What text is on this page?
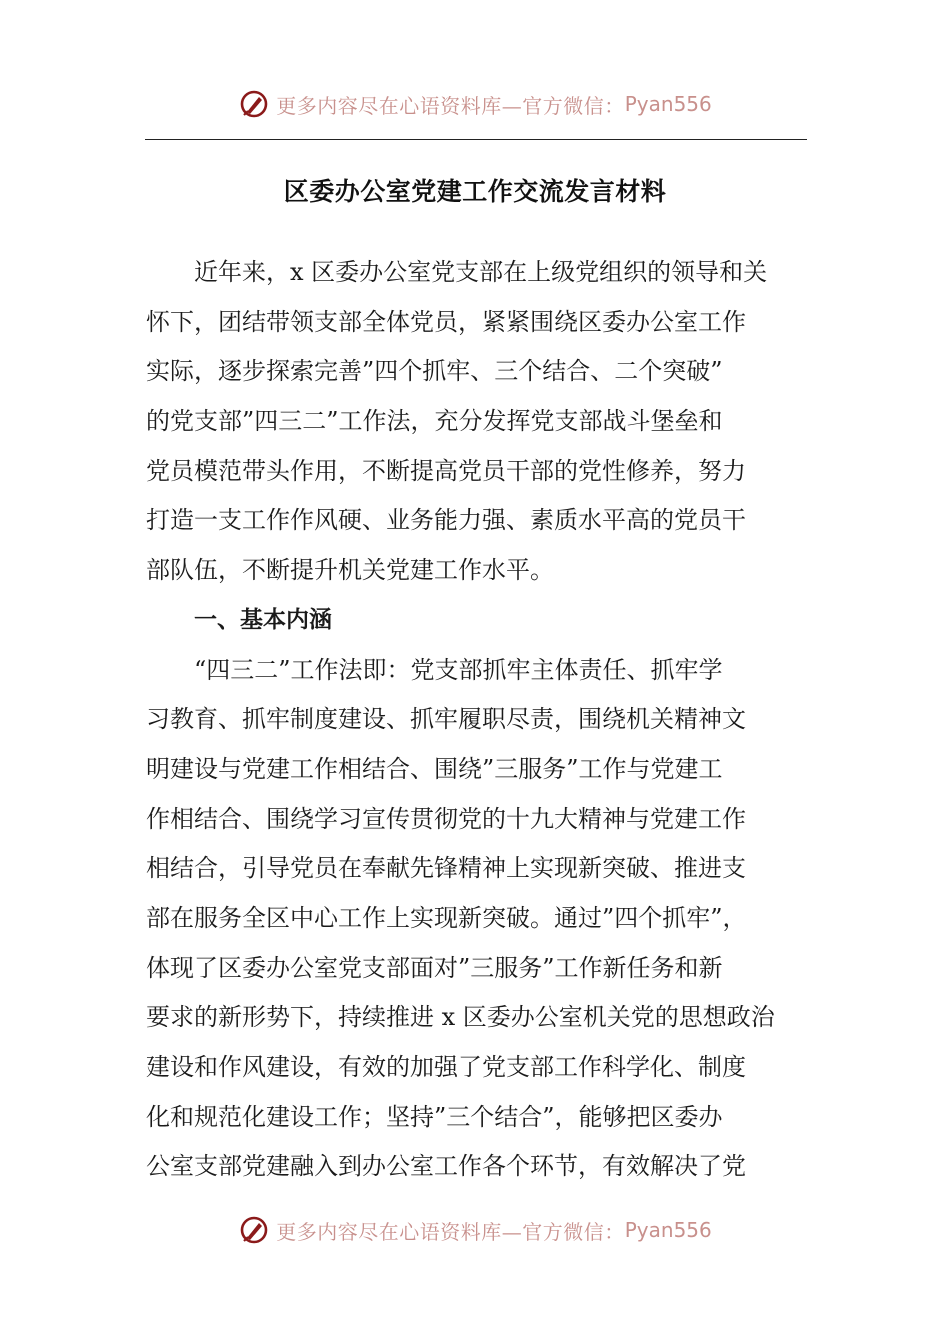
更多内容尽在心语资料库—官方微信： Pyan556
区委办公室党建工作交流发言材料
近年来，x 区委办公室党支部在上级党组织的领导和关
怀下，团结带领支部全体党员，紧紧围绕区委办公室工作
实际，逐步探索完善”四个抓牢、三个结合、二个突破”
的党支部”四三二”工作法，充分发挥党支部战斗堡垒和
党员模范带头作用，不断提高党员干部的党性修养，努力
打造一支工作作风硬、业务能力强、素质水平高的党员干
部队伍，不断提升机关党建工作水平。
一、基本内涵
“四三二”工作法即：党支部抓牢主体责任、抓牢学
习教育、抓牢制度建设、抓牢履职尽责，围绕机关精神文
明建设与党建工作相结合、围绕”三服务”工作与党建工
作相结合、围绕学习宣传贯彻党的十九大精神与党建工作
相结合，引导党员在奉献先锋精神上实现新突破、推进支
部在服务全区中心工作上实现新突破。通过”四个抓牢”，
体现了区委办公室党支部面对”三服务”工作新任务和新
要求的新形势下，持续推进 x 区委办公室机关党的思想政治
建设和作风建设，有效的加强了党支部工作科学化、制度
化和规范化建设工作；坚持”三个结合”，能够把区委办
公室支部党建融入到办公室工作各个环节，有效解决了党
更多内容尽在心语资料库—官方微信： Pyan556
